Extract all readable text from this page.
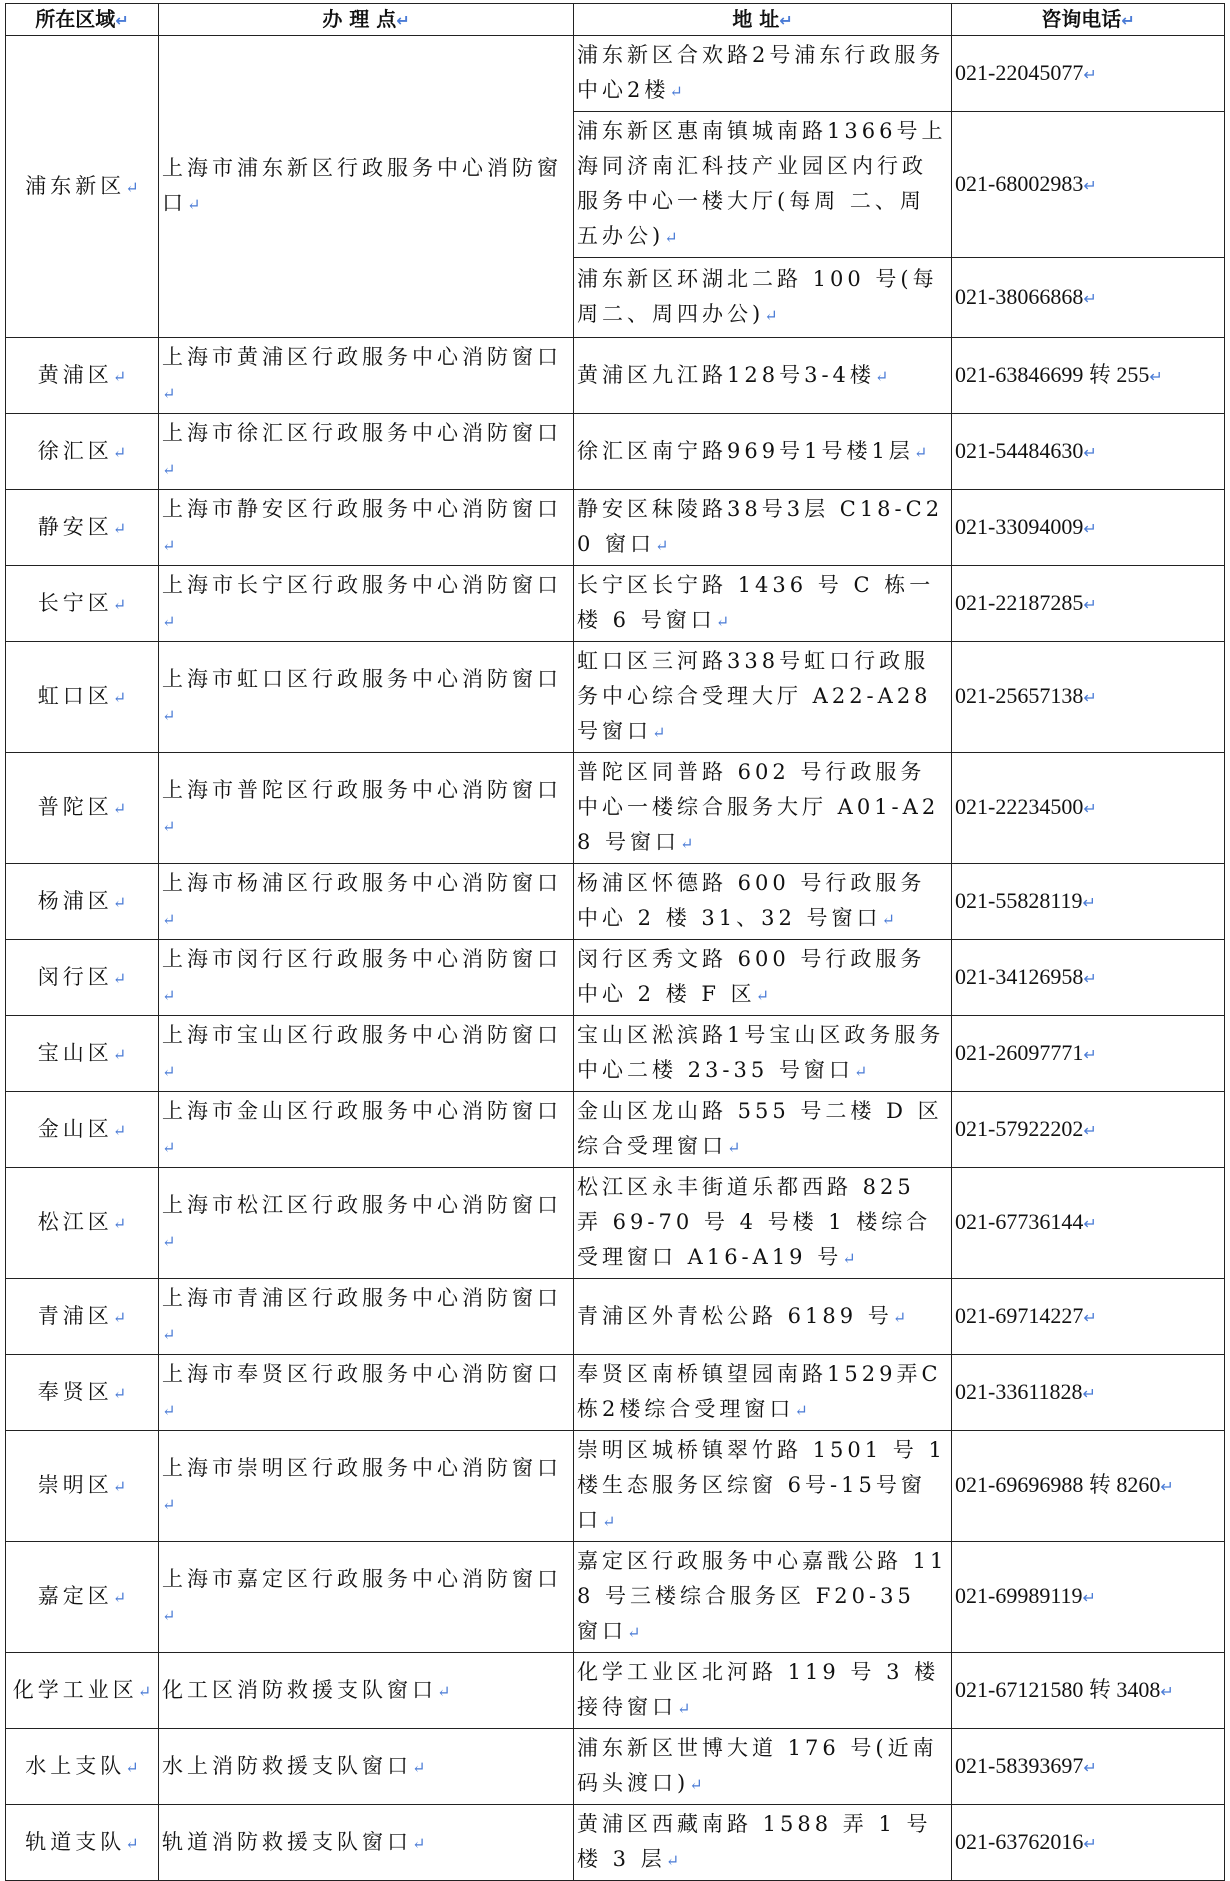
所在区域↵	办 理 点↵	地 址↵	咨询电话↵
浦东新区↵	上海市浦东新区行政服务中心消防窗口↵	浦东新区合欢路2号浦东行政服务中心2楼↵	021-22045077↵
		浦东新区惠南镇城南路1366号上海同济南汇科技产业园区内行政服务中心一楼大厅(每周 二、周五办公)↵	021-68002983↵
		浦东新区环湖北二路 100 号(每周二、周四办公)↵	021-38066868↵
黄浦区↵	上海市黄浦区行政服务中心消防窗口↵	黄浦区九江路128号3-4楼↵	021-63846699 转 255↵
徐汇区↵	上海市徐汇区行政服务中心消防窗口↵	徐汇区南宁路969号1号楼1层↵	021-54484630↵
静安区↵	上海市静安区行政服务中心消防窗口↵	静安区秣陵路38号3层 C18-C20 窗口↵	021-33094009↵
长宁区↵	上海市长宁区行政服务中心消防窗口↵	长宁区长宁路 1436 号 C 栋一楼 6 号窗口↵	021-22187285↵
虹口区↵	上海市虹口区行政服务中心消防窗口↵	虹口区三河路338号虹口行政服务中心综合受理大厅 A22-A28 号窗口↵	021-25657138↵
普陀区↵	上海市普陀区行政服务中心消防窗口↵	普陀区同普路 602 号行政服务中心一楼综合服务大厅 A01-A28 号窗口↵	021-22234500↵
杨浦区↵	上海市杨浦区行政服务中心消防窗口↵	杨浦区怀德路 600 号行政服务中心 2 楼 31、32 号窗口↵	021-55828119↵
闵行区↵	上海市闵行区行政服务中心消防窗口↵	闵行区秀文路 600 号行政服务中心 2 楼 F 区↵	021-34126958↵
宝山区↵	上海市宝山区行政服务中心消防窗口↵	宝山区淞滨路1号宝山区政务服务中心二楼 23-35 号窗口↵	021-26097771↵
金山区↵	上海市金山区行政服务中心消防窗口↵	金山区龙山路 555 号二楼 D 区综合受理窗口↵	021-57922202↵
松江区↵	上海市松江区行政服务中心消防窗口↵	松江区永丰街道乐都西路 825 弄 69-70 号 4 号楼 1 楼综合受理窗口 A16-A19 号↵	021-67736144↵
青浦区↵	上海市青浦区行政服务中心消防窗口↵	青浦区外青松公路 6189 号↵	021-69714227↵
奉贤区↵	上海市奉贤区行政服务中心消防窗口↵	奉贤区南桥镇望园南路1529弄C栋2楼综合受理窗口↵	021-33611828↵
崇明区↵	上海市崇明区行政服务中心消防窗口↵	崇明区城桥镇翠竹路 1501 号 1 楼生态服务区综窗 6号-15号窗口↵	021-69696988 转 8260↵
嘉定区↵	上海市嘉定区行政服务中心消防窗口↵	嘉定区行政服务中心嘉戬公路 118 号三楼综合服务区 F20-35　窗口↵	021-69989119↵
化学工业区↵	化工区消防救援支队窗口↵	化学工业区北河路 119 号 3 楼接待窗口↵	021-67121580 转 3408↵
水上支队↵	水上消防救援支队窗口↵	浦东新区世博大道 176 号(近南码头渡口)↵	021-58393697↵
轨道支队↵	轨道消防救援支队窗口↵	黄浦区西藏南路 1588 弄 1 号楼 3 层↵	021-63762016↵
